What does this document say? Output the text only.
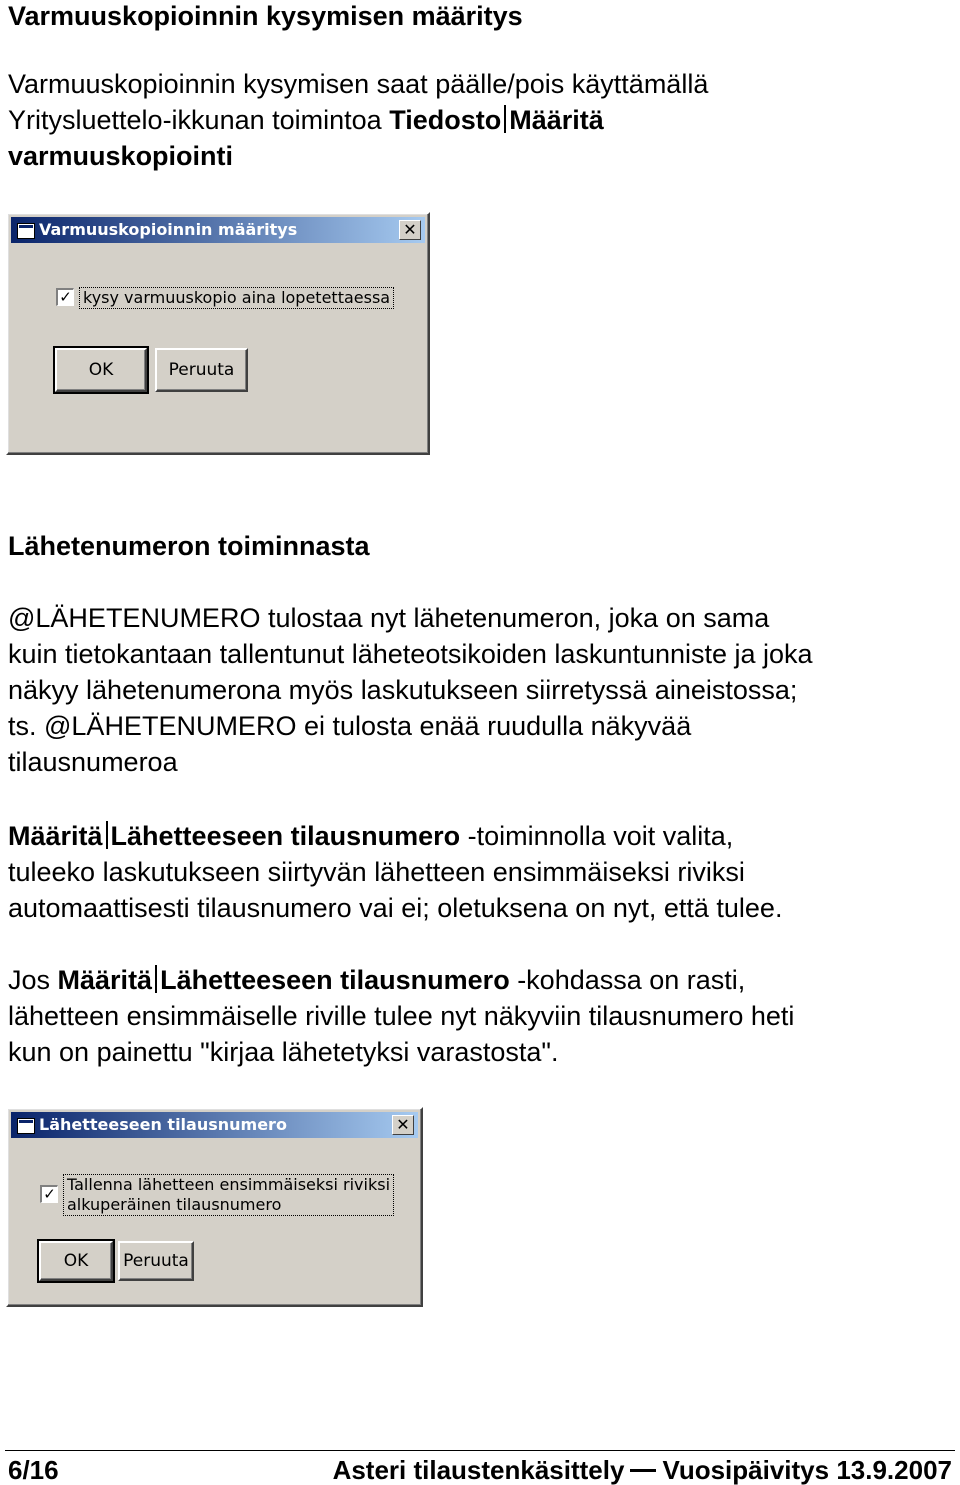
Varmuuskopioinnin kysymisen määritys
Varmuuskopioinnin kysymisen saat päälle/pois käyttämällä
Yritysluettelo-ikkunan toimintoa Tiedosto Määritä
varmuuskopiointi
Varmuuskopioinnin määritys	✕
✓ kysy varmuuskopio aina lopetettaessa
OK	Peruuta
Lähetenumeron toiminnasta
@LÄHETENUMERO tulostaa nyt lähetenumeron, joka on sama
kuin tietokantaan tallentunut läheteotsikoiden laskuntunniste ja joka
näkyy lähetenumerona myös laskutukseen siirretyssä aineistossa;
ts. @LÄHETENUMERO ei tulosta enää ruudulla näkyvää
tilausnumeroa
Määritä Lähetteeseen tilausnumero -toiminnolla voit valita,
tuleeko laskutukseen siirtyvän lähetteen ensimmäiseksi riviksi
automaattisesti tilausnumero vai ei; oletuksena on nyt, että tulee.
Jos Määritä Lähetteeseen tilausnumero -kohdassa on rasti,
lähetteen ensimmäiselle riville tulee nyt näkyviin tilausnumero heti
kun on painettu "kirjaa lähetetyksi varastosta".
Lähetteeseen tilausnumero	✕
✓ Tallenna lähetteen ensimmäiseksi riviksi
alkuperäinen tilausnumero
OK	Peruuta
6/16	Asteri tilaustenkäsittely Vuosipäivitys 13.9.2007
